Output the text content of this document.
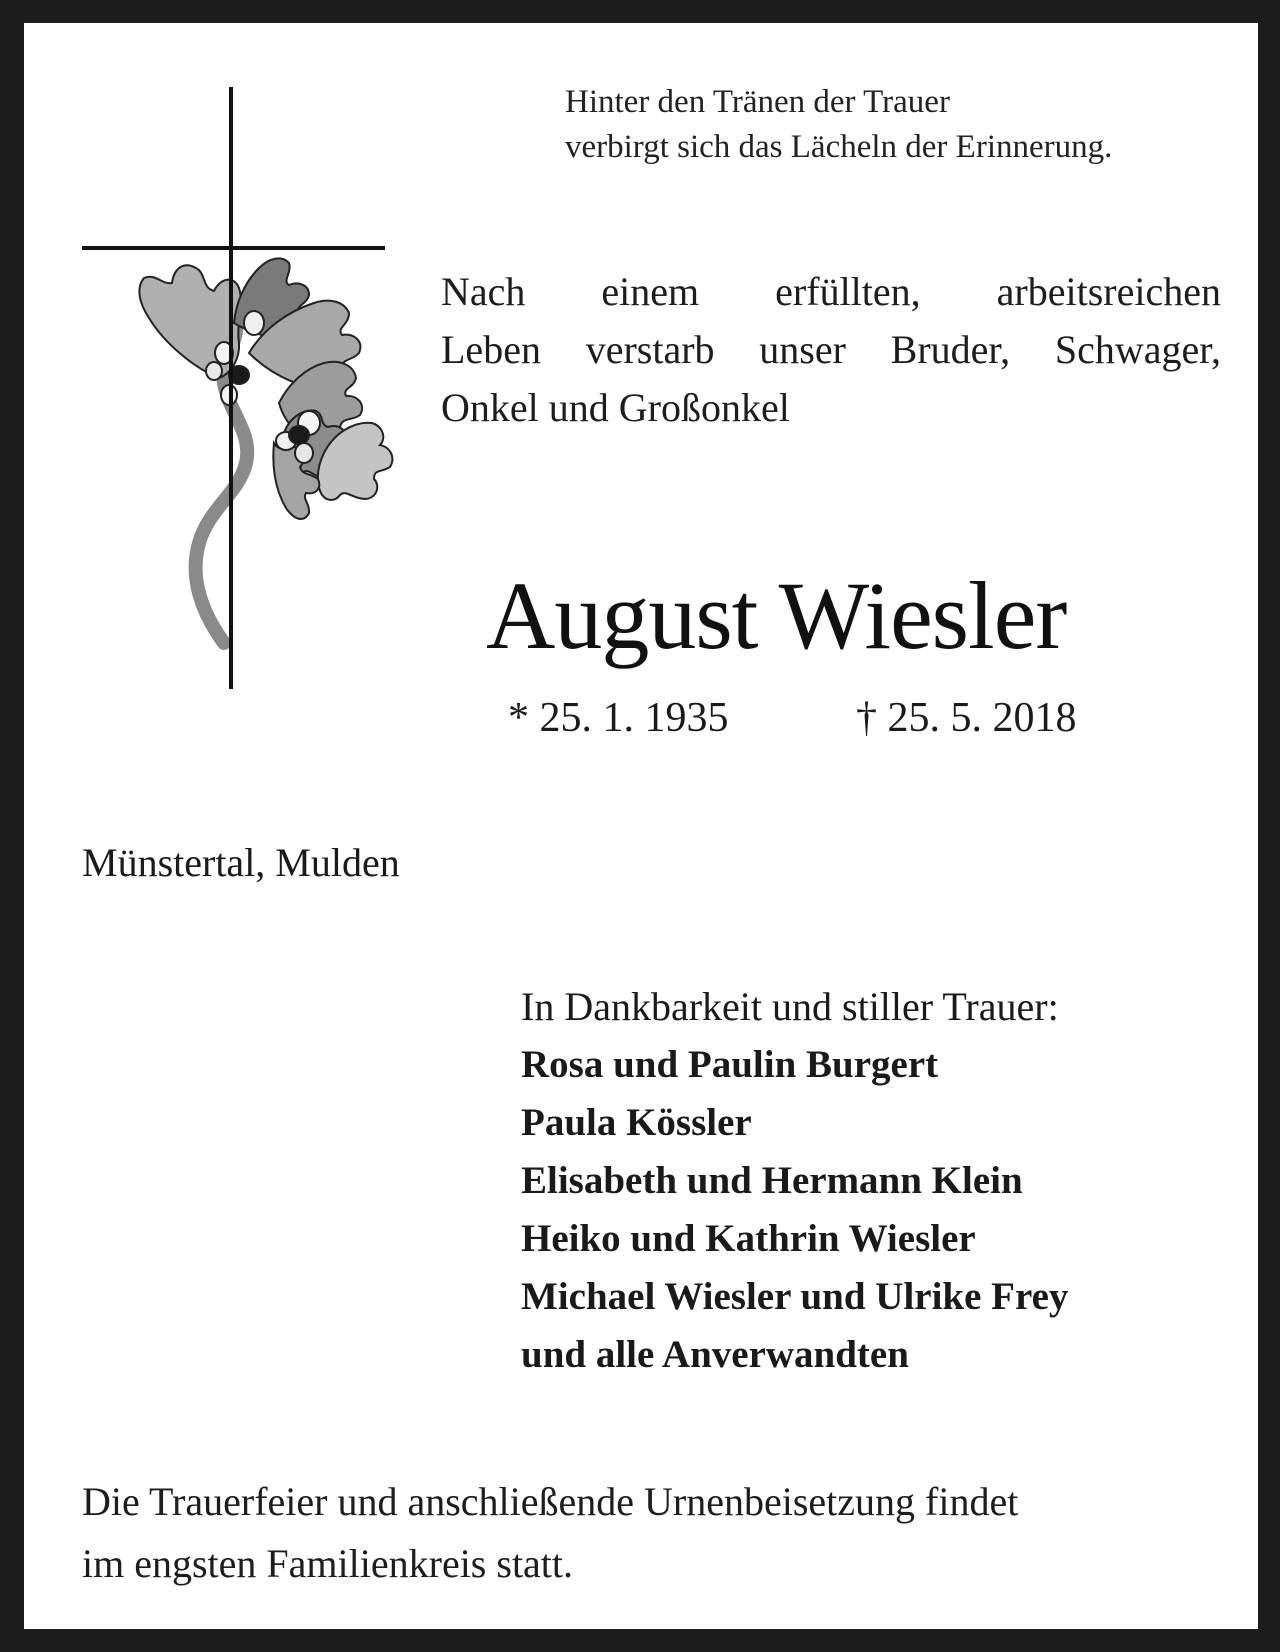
Hinter den Tränen der Trauer
verbirgt sich das Lächeln der Erinnerung.
Nach einem erfüllten, arbeitsreichen
Leben verstarb unser Bruder, Schwager,
Onkel und Großonkel
August Wiesler
* 25. 1. 1935	† 25. 5. 2018
Münstertal, Mulden
In Dankbarkeit und stiller Trauer:
Rosa und Paulin Burgert
Paula Kössler
Elisabeth und Hermann Klein
Heiko und Kathrin Wiesler
Michael Wiesler und Ulrike Frey
und alle Anverwandten
Die Trauerfeier und anschließende Urnenbeisetzung findet
im engsten Familienkreis statt.
